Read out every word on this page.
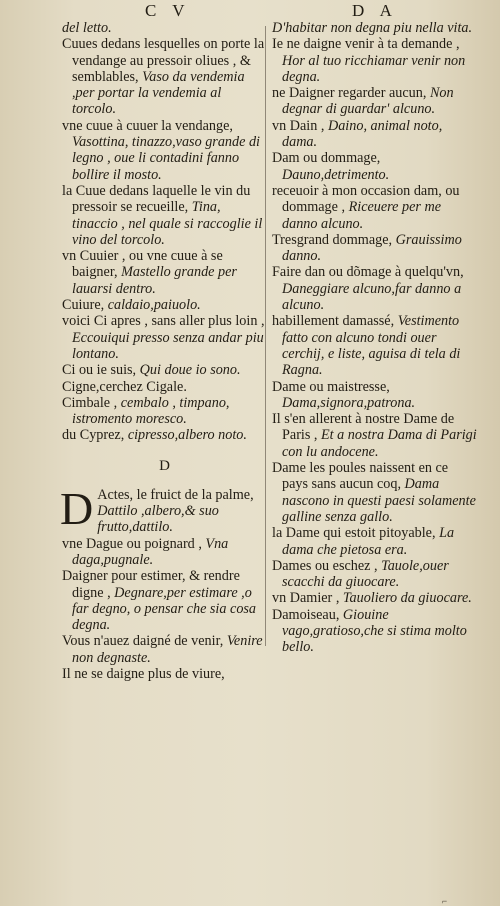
C V	D A

del letto.

Cuues dedans lesquelles on porte la vendange au pressoir oliues , & semblables, Vaso da vendemia ,per portar la vendemia al torcolo.

vne cuue à cuuer la vendange, Vasottina, tinazzo,vaso grande di legno , oue li contadini fanno bollire il mosto.

la Cuue dedans laquelle le vin du pressoir se recueille, Tina, tinaccio , nel quale si raccoglie il vino del torcolo.

vn Cuuier , ou vne cuue à se baigner, Mastello grande per lauarsi dentro.

Cuiure, caldaio,paiuolo.

voici Ci apres , sans aller plus loin , Eccouiqui presso senza andar piu lontano.

Ci ou ie suis, Qui doue io sono.

Cigne,cerchez Cigale.

Cimbale , cembalo , timpano, istromento moresco.

du Cyprez, cipresso,albero noto.

D

D Actes, le fruict de la palme, Dattilo ,albero,& suo frutto,dattilo.

vne Dague ou poignard , Vna daga,pugnale.

Daigner pour estimer, & rendre digne , Degnare,per estimare ,o far degno, o pensar che sia cosa degna.

Vous n'auez daigné de venir, Venire non degnaste.

Il ne se daigne plus de viure,

D'habitar non degna piu nella vita.

Ie ne daigne venir à ta demande , Hor al tuo ricchiamar venir non degna.

ne Daigner regarder aucun, Non degnar di guardar' alcuno.

vn Dain , Daino, animal noto, dama.

Dam ou dommage, Dauno,detrimento.

receuoir à mon occasion dam, ou dommage , Riceuere per me danno alcuno.

Tresgrand dommage, Grauissimo danno.

Faire dan ou dõmage à quelqu'vn, Daneggiare alcuno,far danno a alcuno.

habillement damassé, Vestimento fatto con alcuno tondi ouer cerchij, e liste, aguisa di tela di Ragna.

Dame ou maistresse, Dama,signora,patrona.

Il s'en allerent à nostre Dame de Paris , Et a nostra Dama di Parigi con lu andocene.

Dame les poules naissent en ce pays sans aucun coq, Dama nascono in questi paesi solamente galline senza gallo.

la Dame qui estoit pitoyable, La dama che pietosa era.

Dames ou eschez , Tauole,ouer scacchi da giuocare.

vn Damier , Tauoliero da giuocare.

Damoiseau, Giouine vago,gratioso,che si stima molto bello.

⌐
